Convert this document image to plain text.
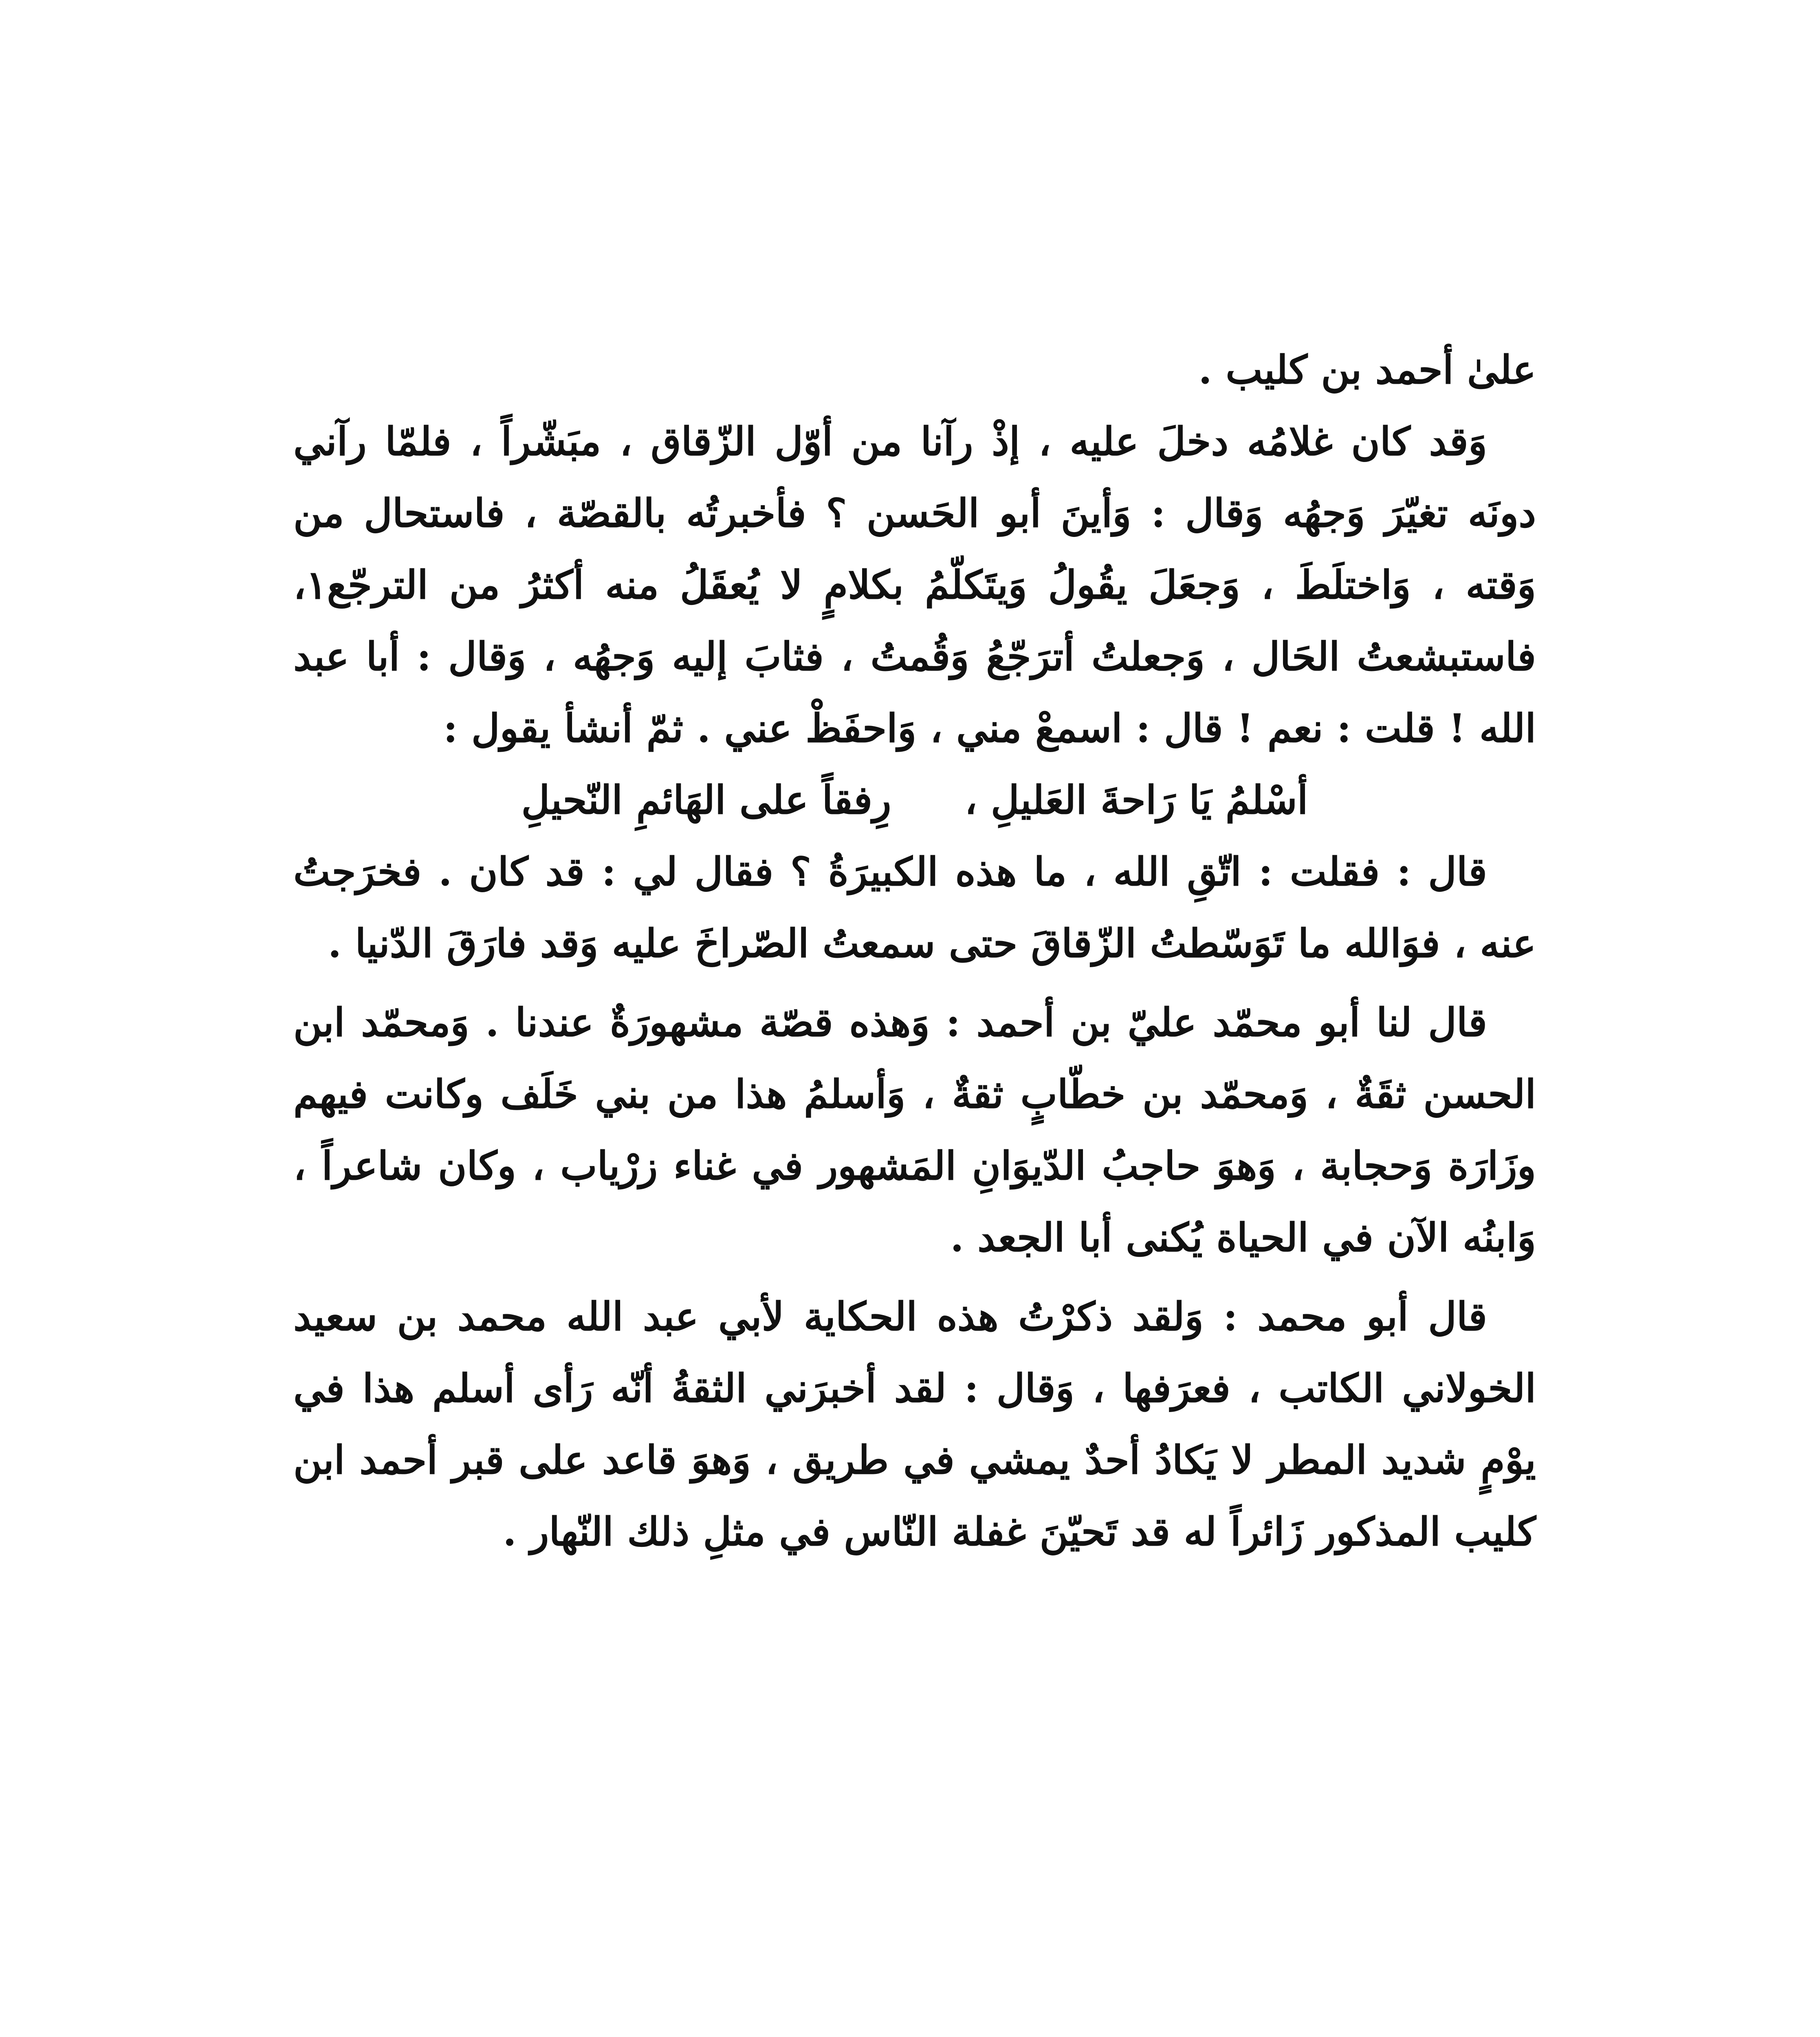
علىٰ أحمد بن كليب .

وَقد كان غلامُه دخلَ عليه ، إذْ رآنا من أوّل الزّقاق ، مبَشّراً ، فلمّا رآني دونَه تغيّرَ وَجهُه وَقال : وَأينَ أبو الحَسن ؟ فأخبرتُه بالقصّة ، فاستحال من وَقته ، وَاختلَطَ ، وَجعَلَ يقُولُ وَيتَكلّمُ بكلامٍ لا يُعقَلُ منه أكثرُ من الترجّع١، فاستبشعتُ الحَال ، وَجعلتُ أترَجّعُ وَقُمتُ ، فثابَ إليه وَجهُه ، وَقال : أبا عبد الله ! قلت : نعم ! قال : اسمعْ مني ، وَاحفَظْ عني . ثمّ أنشأ يقول :

أسْلمُ يَا رَاحةَ العَليلِ ،
رِفقاً على الهَائمِ النّحيلِ

قال : فقلت : اتّقِ الله ، ما هذه الكبيرَةُ ؟ فقال لي : قد كان . فخرَجتُ عنه ، فوَالله ما تَوَسّطتُ الزّقاقَ حتى سمعتُ الصّراخَ عليه وَقد فارَقَ الدّنيا .

قال لنا أبو محمّد عليّ بن أحمد : وَهذه قصّة مشهورَةٌ عندنا . وَمحمّد ابن الحسن ثقَةٌ ، وَمحمّد بن خطّابٍ ثقةٌ ، وَأسلمُ هذا من بني خَلَف وكانت فيهم وزَارَة وَحجابة ، وَهوَ حاجبُ الدّيوَانِ المَشهور في غناء زرْياب ، وكان شاعراً ، وَابنُه الآن في الحياة يُكنى أبا الجعد .

قال أبو محمد : وَلقد ذكرْتُ هذه الحكاية لأبي عبد الله محمد بن سعيد الخولاني الكاتب ، فعرَفها ، وَقال : لقد أخبرَني الثقةُ أنّه رَأى أسلم هذا في يوْمٍ شديد المطر لا يَكادُ أحدٌ يمشي في طريق ، وَهوَ قاعد على قبر أحمد ابن كليب المذكور زَائراً له قد تَحيّنَ غفلة النّاس في مثلِ ذلك النّهار .
